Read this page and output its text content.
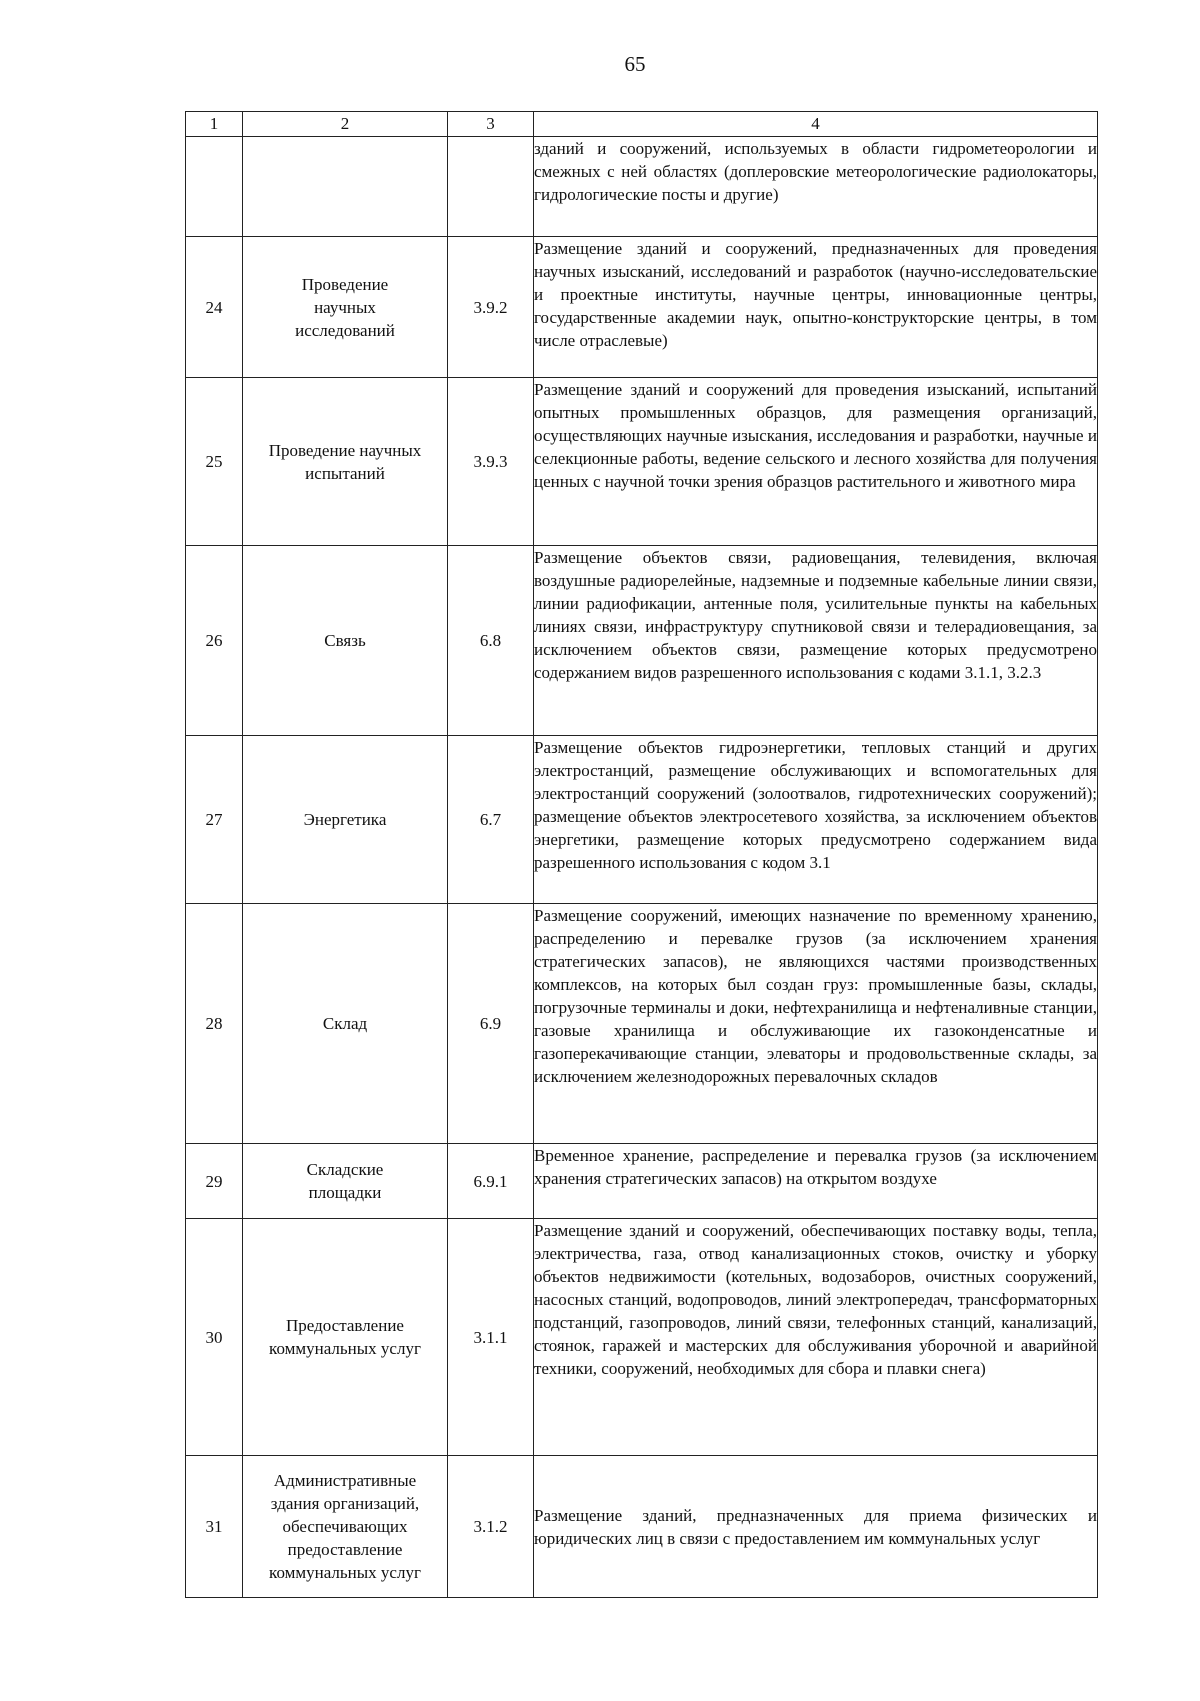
65
1	2	3	4
			зданий и сооружений, используемых в области гидрометеорологии и смежных с ней областях (доплеровские метеорологические радиолокаторы, гидрологические посты и другие)
24	Проведение научных исследований	3.9.2	Размещение зданий и сооружений, предназначенных для проведения научных изысканий, исследований и разработок (научно-исследовательские и проектные институты, научные центры, инновационные центры, государственные академии наук, опытно-конструкторские центры, в том числе отраслевые)
25	Проведение научных испытаний	3.9.3	Размещение зданий и сооружений для проведения изысканий, испытаний опытных промышленных образцов, для размещения организаций, осуществляющих научные изыскания, исследования и разработки, научные и селекционные работы, ведение сельского и лесного хозяйства для получения ценных с научной точки зрения образцов растительного и животного мира
26	Связь	6.8	Размещение объектов связи, радиовещания, телевидения, включая воздушные радиорелейные, надземные и подземные кабельные линии связи, линии радиофикации, антенные поля, усилительные пункты на кабельных линиях связи, инфраструктуру спутниковой связи и телерадиовещания, за исключением объектов связи, размещение которых предусмотрено содержанием видов разрешенного использования с кодами 3.1.1, 3.2.3
27	Энергетика	6.7	Размещение объектов гидроэнергетики, тепловых станций и других электростанций, размещение обслуживающих и вспомогательных для электростанций сооружений (золоотвалов, гидротехнических сооружений); размещение объектов электросетевого хозяйства, за исключением объектов энергетики, размещение которых предусмотрено содержанием вида разрешенного использования с кодом 3.1
28	Склад	6.9	Размещение сооружений, имеющих назначение по временному хранению, распределению и перевалке грузов (за исключением хранения стратегических запасов), не являющихся частями производственных комплексов, на которых был создан груз: промышленные базы, склады, погрузочные терминалы и доки, нефтехранилища и нефтеналивные станции, газовые хранилища и обслуживающие их газоконденсатные и газоперекачивающие станции, элеваторы и продовольственные склады, за исключением железнодорожных перевалочных складов
29	Складские площадки	6.9.1	Временное хранение, распределение и перевалка грузов (за исключением хранения стратегических запасов) на открытом воздухе
30	Предоставление коммунальных услуг	3.1.1	Размещение зданий и сооружений, обеспечивающих поставку воды, тепла, электричества, газа, отвод канализационных стоков, очистку и уборку объектов недвижимости (котельных, водозаборов, очистных сооружений, насосных станций, водопроводов, линий электропередач, трансформаторных подстанций, газопроводов, линий связи, телефонных станций, канализаций, стоянок, гаражей и мастерских для обслуживания уборочной и аварийной техники, сооружений, необходимых для сбора и плавки снега)
31	Административные здания организаций, обеспечивающих предоставление коммунальных услуг	3.1.2	Размещение зданий, предназначенных для приема физических и юридических лиц в связи с предоставлением им коммунальных услуг
